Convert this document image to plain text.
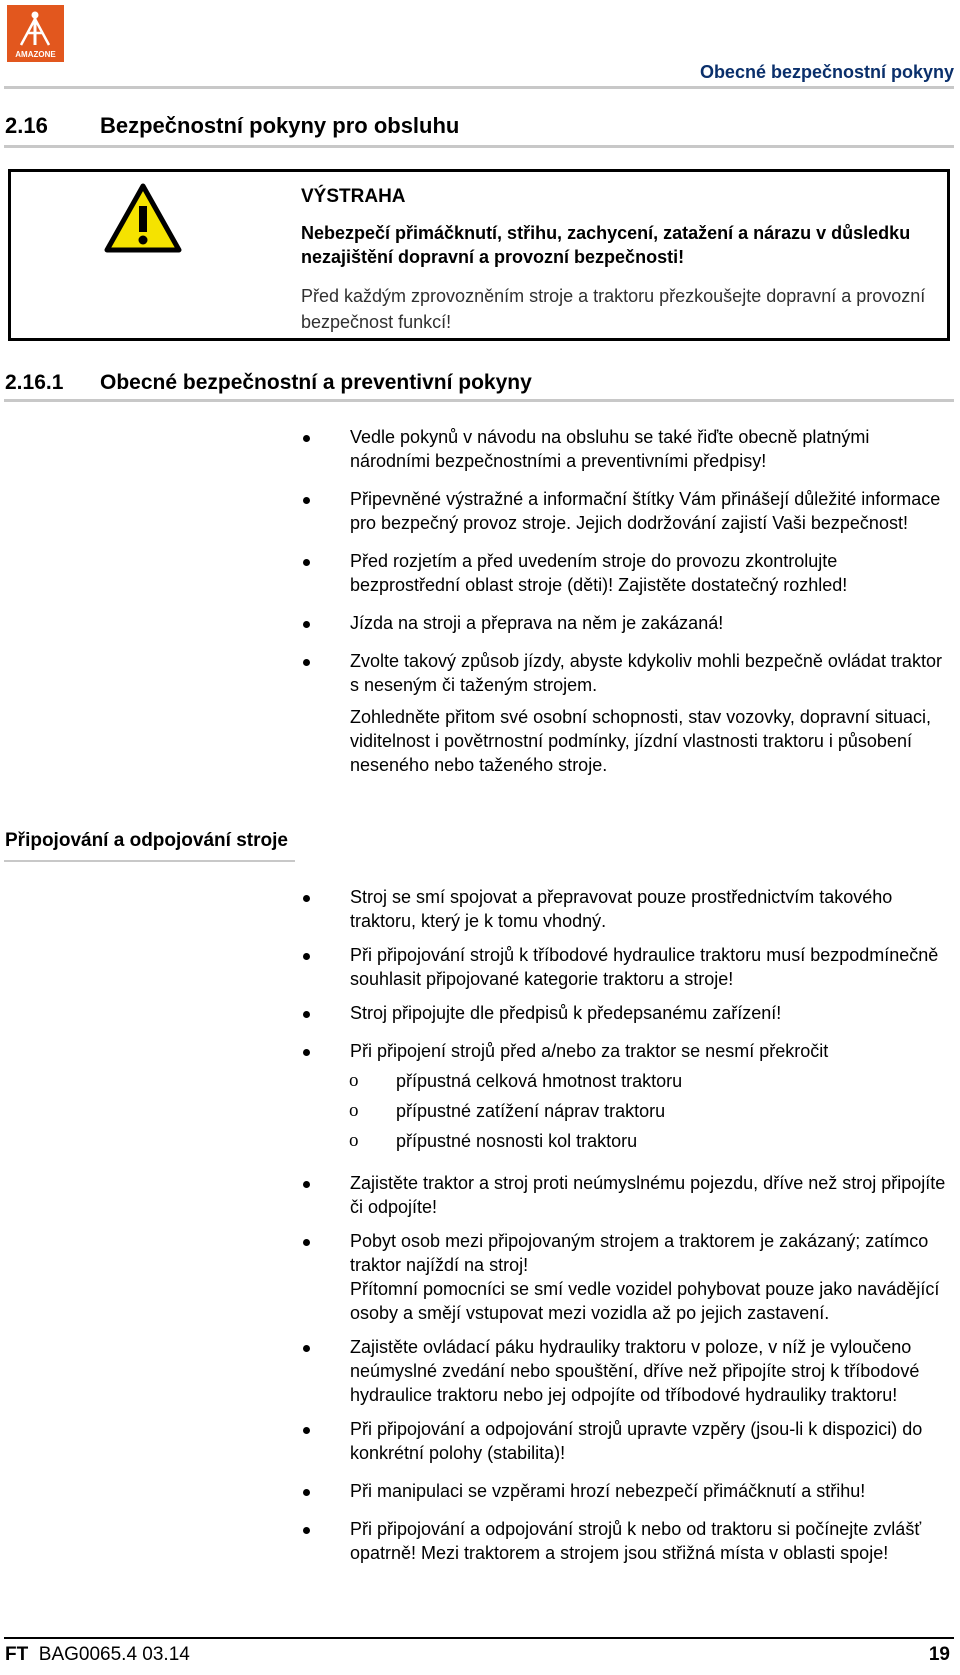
AMAZONE
Obecné bezpečnostní pokyny
2.16 Bezpečnostní pokyny pro obsluhu
VÝSTRAHA
Nebezpečí přimáčknutí, střihu, zachycení, zatažení a nárazu v důsledku nezajištění dopravní a provozní bezpečnosti!
Před každým zprovozněním stroje a traktoru přezkoušejte dopravní a provozní bezpečnost funkcí!
2.16.1 Obecné bezpečnostní a preventivní pokyny

Vedle pokynů v návodu na obsluhu se také řiďte obecně platnými národními bezpečnostními a preventivními předpisy!

Připevněné výstražné a informační štítky Vám přinášejí důležité informace pro bezpečný provoz stroje. Jejich dodržování zajistí Vaši bezpečnost!

Před rozjetím a před uvedením stroje do provozu zkontrolujte bezprostřední oblast stroje (děti)! Zajistěte dostatečný rozhled!

Jízda na stroji a přeprava na něm je zakázaná!

Zvolte takový způsob jízdy, abyste kdykoliv mohli bezpečně ovládat traktor s neseným či taženým strojem.

Zohledněte přitom své osobní schopnosti, stav vozovky, dopravní situaci, viditelnost i povětrnostní podmínky, jízdní vlastnosti traktoru i působení neseného nebo taženého stroje.

Připojování a odpojování stroje

Stroj se smí spojovat a přepravovat pouze prostřednictvím takového traktoru, který je k tomu vhodný.

Při připojování strojů k tříbodové hydraulice traktoru musí bezpodmínečně souhlasit připojované kategorie traktoru a stroje!

Stroj připojujte dle předpisů k předepsanému zařízení!

Při připojení strojů před a/nebo za traktor se nesmí překročit

o přípustná celková hmotnost traktoru

o přípustné zatížení náprav traktoru

o přípustné nosnosti kol traktoru

Zajistěte traktor a stroj proti neúmyslnému pojezdu, dříve než stroj připojíte či odpojíte!

Pobyt osob mezi připojovaným strojem a traktorem je zakázaný; zatímco traktor najíždí na stroj!

Přítomní pomocníci se smí vedle vozidel pohybovat pouze jako navádějící osoby a smějí vstupovat mezi vozidla až po jejich zastavení.

Zajistěte ovládací páku hydrauliky traktoru v poloze, v níž je vyloučeno neúmyslné zvedání nebo spouštění, dříve než připojíte stroj k tříbodové hydraulice traktoru nebo jej odpojíte od tříbodové hydrauliky traktoru!

Při připojování a odpojování strojů upravte vzpěry (jsou-li k dispozici) do konkrétní polohy (stabilita)!

Při manipulaci se vzpěrami hrozí nebezpečí přimáčknutí a střihu!

Při připojování a odpojování strojů k nebo od traktoru si počínejte zvlášť opatrně! Mezi traktorem a strojem jsou střižná místa v oblasti spoje!

FT BAG0065.4 03.14	19
